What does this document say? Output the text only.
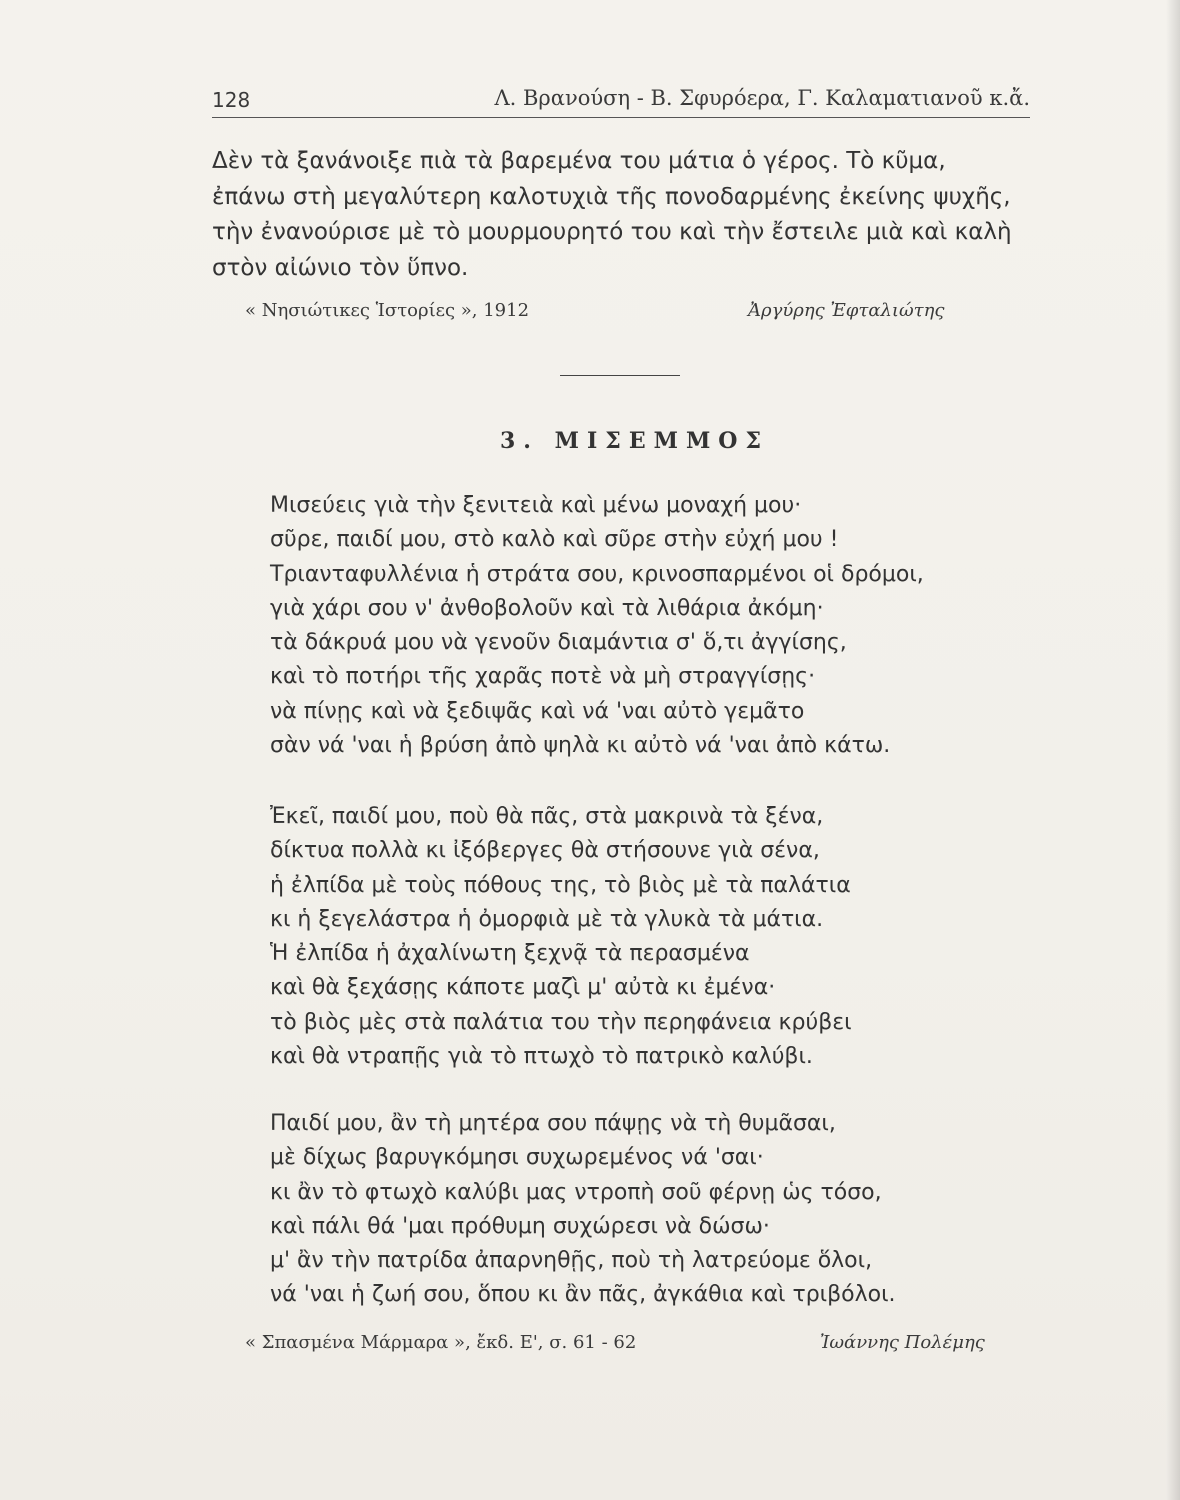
128	Λ. Βρανούση - Β. Σφυρόερα, Γ. Καλαματιανοῦ κ.ἄ.
Δὲν τὰ ξανάνοιξε πιὰ τὰ βαρεμένα του μάτια ὁ γέρος. Τὸ κῦμα,
ἐπάνω στὴ μεγαλύτερη καλοτυχιὰ τῆς πονοδαρμένης ἐκείνης ψυχῆς,
τὴν ἐνανούρισε μὲ τὸ μουρμουρητό του καὶ τὴν ἔστειλε μιὰ καὶ καλὴ
στὸν αἰώνιο τὸν ὕπνο.
« Νησιώτικες Ἱστορίες », 1912	Ἀργύρης Ἐφταλιώτης
3. ΜΙΣΕΜΜΟΣ
Μισεύεις γιὰ τὴν ξενιτειὰ καὶ μένω μοναχή μου·
σῦρε, παιδί μου, στὸ καλὸ καὶ σῦρε στὴν εὐχή μου !
Τριανταφυλλένια ἡ στράτα σου, κρινοσπαρμένοι οἱ δρόμοι,
γιὰ χάρι σου ν' ἀνθοβολοῦν καὶ τὰ λιθάρια ἀκόμη·
τὰ δάκρυά μου νὰ γενοῦν διαμάντια σ' ὅ,τι ἀγγίσης,
καὶ τὸ ποτήρι τῆς χαρᾶς ποτὲ νὰ μὴ στραγγίσῃς·
νὰ πίνῃς καὶ νὰ ξεδιψᾶς καὶ νά 'ναι αὐτὸ γεμᾶτο
σὰν νά 'ναι ἡ βρύση ἀπὸ ψηλὰ κι αὐτὸ νά 'ναι ἀπὸ κάτω.
Ἐκεῖ, παιδί μου, ποὺ θὰ πᾶς, στὰ μακρινὰ τὰ ξένα,
δίκτυα πολλὰ κι ἰξόβεργες θὰ στήσουνε γιὰ σένα,
ἡ ἐλπίδα μὲ τοὺς πόθους της, τὸ βιὸς μὲ τὰ παλάτια
κι ἡ ξεγελάστρα ἡ ὀμορφιὰ μὲ τὰ γλυκὰ τὰ μάτια.
Ἡ ἐλπίδα ἡ ἀχαλίνωτη ξεχνᾷ τὰ περασμένα
καὶ θὰ ξεχάσῃς κάποτε μαζὶ μ' αὐτὰ κι ἐμένα·
τὸ βιὸς μὲς στὰ παλάτια του τὴν περηφάνεια κρύβει
καὶ θὰ ντραπῇς γιὰ τὸ πτωχὸ τὸ πατρικὸ καλύβι.
Παιδί μου, ἂν τὴ μητέρα σου πάψῃς νὰ τὴ θυμᾶσαι,
μὲ δίχως βαρυγκόμησι συχωρεμένος νά 'σαι·
κι ἂν τὸ φτωχὸ καλύβι μας ντροπὴ σοῦ φέρνῃ ὡς τόσο,
καὶ πάλι θά 'μαι πρόθυμη συχώρεσι νὰ δώσω·
μ' ἂν τὴν πατρίδα ἀπαρνηθῇς, ποὺ τὴ λατρεύομε ὅλοι,
νά 'ναι ἡ ζωή σου, ὅπου κι ἂν πᾶς, ἀγκάθια καὶ τριβόλοι.
« Σπασμένα Μάρμαρα », ἔκδ. Ε', σ. 61 - 62	Ἰωάννης Πολέμης
